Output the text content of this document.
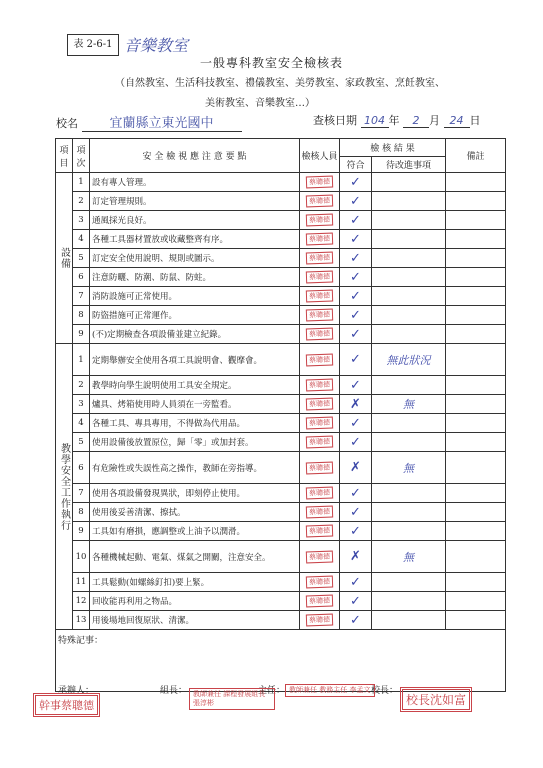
表 2-6-1 音樂教室
一般專科教室安全檢核表
（自然教室、生活科技教室、禮儀教室、美勞教室、家政教室、烹飪教室、
美術教室、音樂教室…）
校名 宜蘭縣立東光國中	查核日期 104 年 2 月 24 日
項目	項次	安 全 檢 視 應 注 意 要 點	檢核人員	檢 核 結 果		備註
				符合	待改進事項	
設備	1	設有專人管理。	蔡聰德	✓		
	2	訂定管理規則。	蔡聰德	✓		
	3	通風採光良好。	蔡聰德	✓		
	4	各種工具器材置放或收藏整齊有序。	蔡聰德	✓		
	5	訂定安全使用說明、規則或圖示。	蔡聰德	✓		
	6	注意防曬、防潮、防鼠、防蛀。	蔡聰德	✓		
	7	消防設施可正常使用。	蔡聰德	✓		
	8	防盜措施可正常運作。	蔡聰德	✓		
	9	(不)定期檢查各項設備並建立紀錄。	蔡聰德	✓		
教學安全工作執行	1	定期舉辦安全使用各項工具說明會、觀摩會。	蔡聰德	✓	無此狀況	
	2	教學時向學生說明使用工具安全規定。	蔡聰德	✓		
	3	爐具、烤箱使用時人員須在一旁監看。	蔡聰德	✗	無	
	4	各種工具、專具專用，不得做為代用品。	蔡聰德	✓		
	5	使用設備後放置原位，歸「零」或加封套。	蔡聰德	✓		
	6	有危險性或失誤性高之操作，教師在旁指導。	蔡聰德	✗	無	
	7	使用各項設備發現異狀，即刻停止使用。	蔡聰德	✓		
	8	使用後妥善清潔、擦拭。	蔡聰德	✓		
	9	工具如有磨損，應調整或上油予以潤滑。	蔡聰德	✓		
	10	各種機械起動、電氣、煤氣之開關，注意安全。	蔡聰德	✗	無	
	11	工具鬆動(如螺絲釘扣)要上緊。	蔡聰德	✓		
	12	回收能再利用之物品。	蔡聰德	✓		
	13	用後場地回復原狀、清潔。	蔡聰德	✓		
特殊記事：						
承辦人：	組長：	主任：	校長：
幹事蔡聰德
教師兼任 課程發展組長 張淳彬
教師兼任 教務主任 李孟文
校長沈如富
